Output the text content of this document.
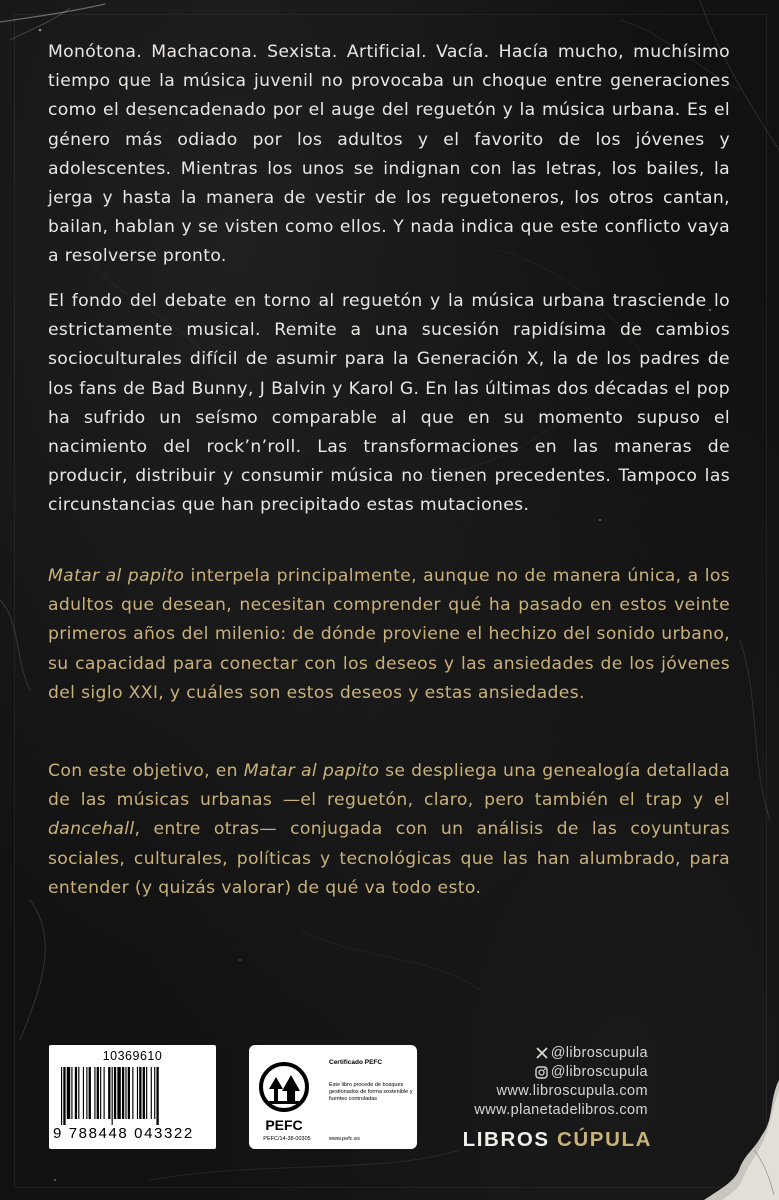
Monótona. Machacona. Sexista. Artificial. Vacía. Hacía mucho, muchísimo tiempo que la música juvenil no provocaba un choque entre generaciones como el desencadenado por el auge del reguetón y la música urbana. Es el género más odiado por los adultos y el favorito de los jóvenes y adolescentes. Mientras los unos se indignan con las letras, los bailes, la jerga y hasta la manera de vestir de los reguetoneros, los otros cantan, bailan, hablan y se visten como ellos. Y nada indica que este conflicto vaya a resolverse pronto.

El fondo del debate en torno al reguetón y la música urbana trasciende lo estrictamente musical. Remite a una sucesión rapidísima de cambios socioculturales difícil de asumir para la Generación X, la de los padres de los fans de Bad Bunny, J Balvin y Karol G. En las últimas dos décadas el pop ha sufrido un seísmo comparable al que en su momento supuso el nacimiento del rock’n’roll. Las transformaciones en las maneras de producir, distribuir y consumir música no tienen precedentes. Tampoco las circunstancias que han precipitado estas mutaciones.

Matar al papito interpela principalmente, aunque no de manera única, a los adultos que desean, necesitan comprender qué ha pasado en estos veinte primeros años del milenio: de dónde proviene el hechizo del sonido urbano, su capacidad para conectar con los deseos y las ansiedades de los jóvenes del siglo XXI, y cuáles son estos deseos y estas ansiedades.

Con este objetivo, en Matar al papito se despliega una genealogía detallada de las músicas urbanas —el reguetón, claro, pero también el trap y el dancehall, entre otras— conjugada con un análisis de las coyunturas sociales, culturales, políticas y tecnológicas que las han alumbrado, para entender (y quizás valorar) de qué va todo esto.

10369610
9 788448 043322	PEFC
PEFC/14-38-00305
Certificado PEFC
Este libro procede de bosques gestionados de forma sostenible y fuentes controladas
www.pefc.es
@libroscupula
@libroscupula
www.libroscupula.com
www.planetadelibros.com
LIBROS CÚPULA
